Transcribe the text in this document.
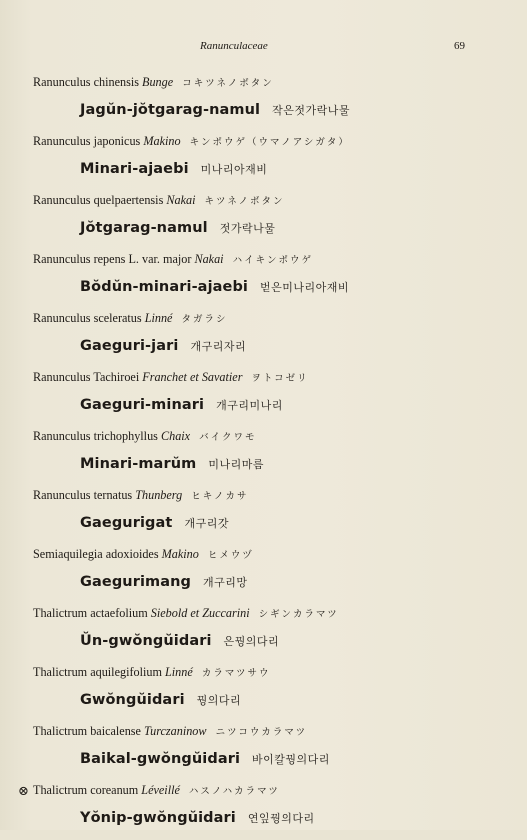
Ranunculaceae	69
Ranunculus chinensis Bunge コキツネノボタン
Jagŭn-jŏtgarag-namul 작은젓가락나물
Ranunculus japonicus Makino キンポウゲ（ウマノアシガタ）
Minari-ajaebi 미나리아재비
Ranunculus quelpaertensis Nakai キツネノボタン
Jŏtgarag-namul 젓가락나물
Ranunculus repens L. var. major Nakai ハイキンポウゲ
Bŏdŭn-minari-ajaebi 벋은미나리아재비
Ranunculus sceleratus Linné タガラシ
Gaeguri-jari 개구리자리
Ranunculus Tachiroei Franchet et Savatier ヲトコゼリ
Gaeguri-minari 개구리미나리
Ranunculus trichophyllus Chaix バイクワモ
Minari-marŭm 미나리마름
Ranunculus ternatus Thunberg ヒキノカサ
Gaegurigat 개구리갓
Semiaquilegia adoxioides Makino ヒメウヅ
Gaegurimang 개구리망
Thalictrum actaefolium Siebold et Zuccarini シギンカラマツ
Ŭn-gwŏngŭidari 은꿩의다리
Thalictrum aquilegifolium Linné カラマツサウ
Gwŏngŭidari 꿩의다리
Thalictrum baicalense Turczaninow ニツコウカラマツ
Baikal-gwŏngŭidari 바이칼꿩의다리
⊗ Thalictrum coreanum Léveillé ハスノハカラマツ
Yŏnip-gwŏngŭidari 연잎꿩의다리
